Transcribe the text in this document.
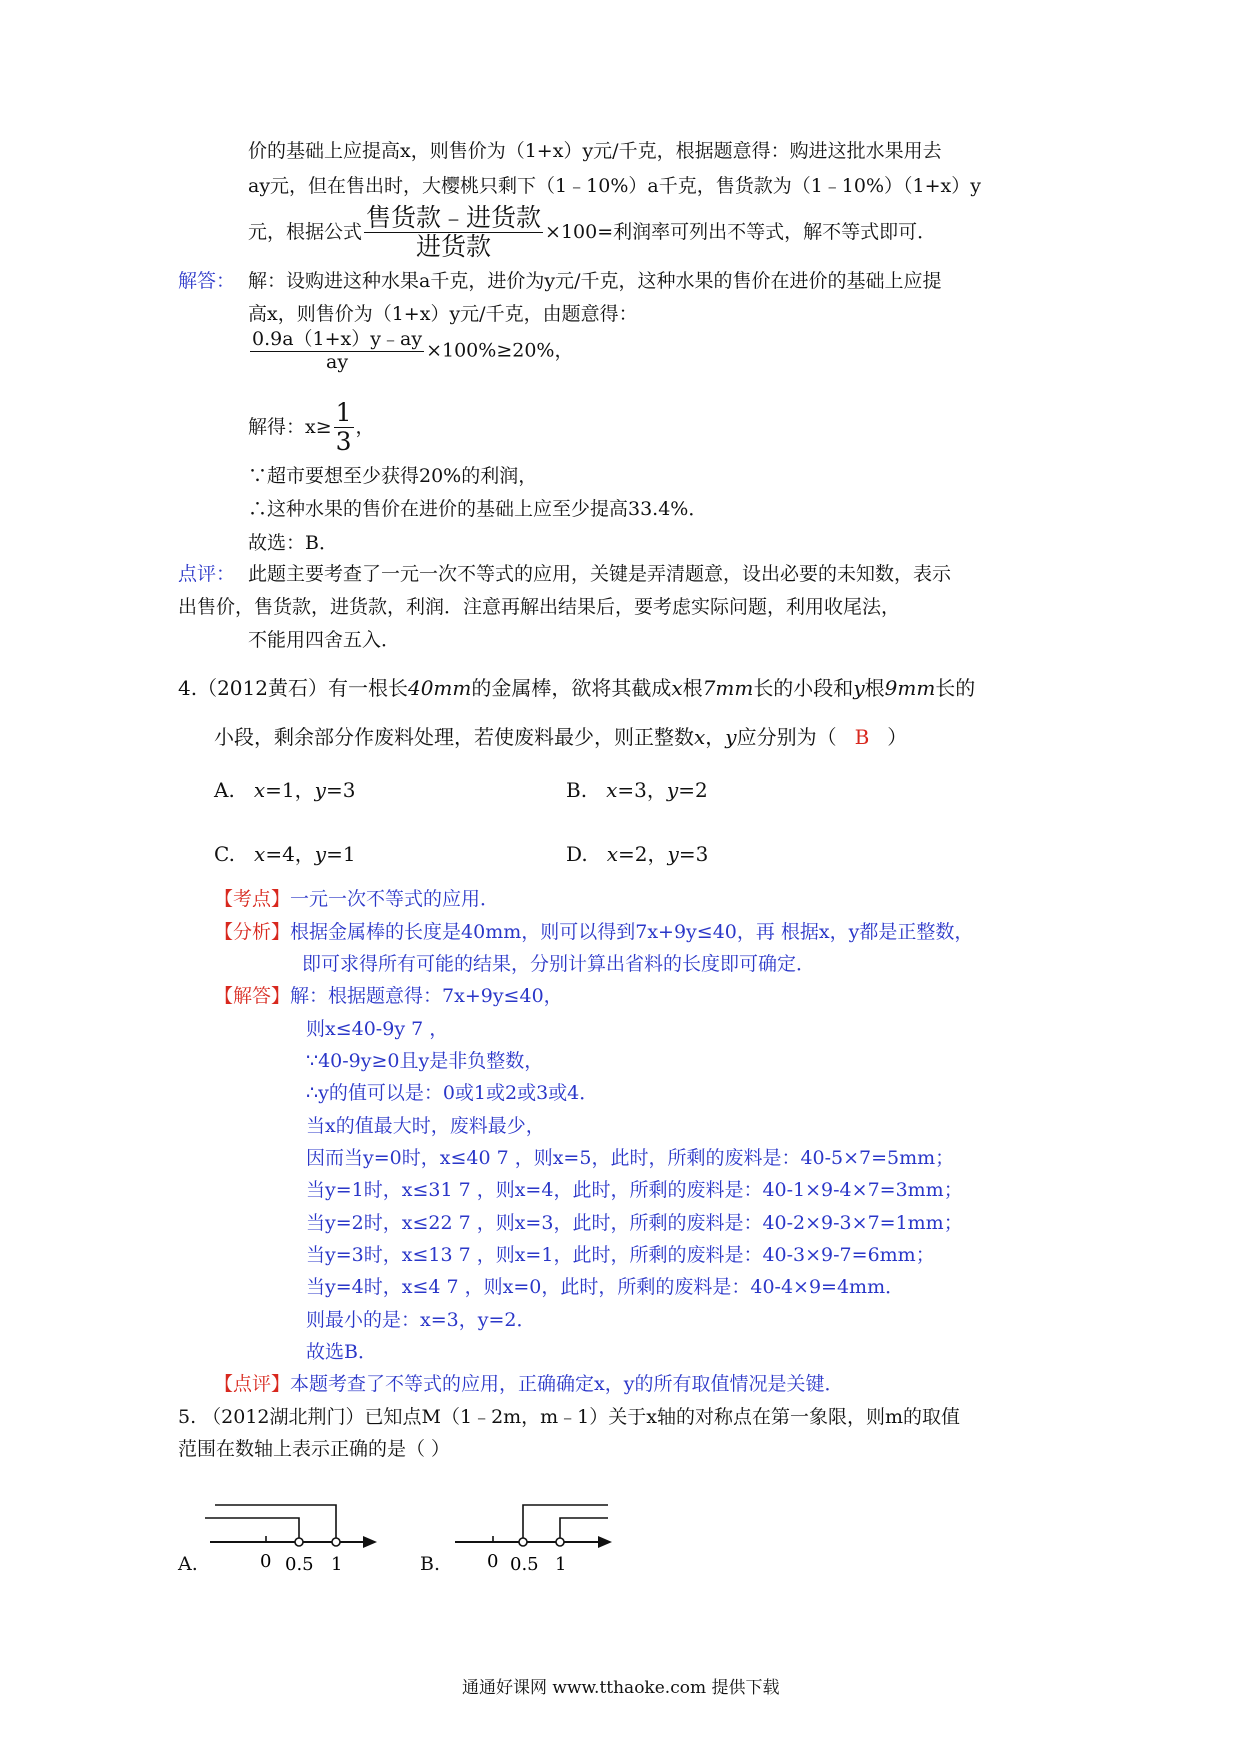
价的基础上应提高x，则售价为（1+x）y元/千克，根据题意得：购进这批水果用去
ay元，但在售出时，大樱桃只剩下（1﹣10%）a千克，售货款为（1﹣10%）（1+x）y
元，根据公式 $\frac{\text{售货款﹣进货款}}{\text{进货款}} \times 100=$利润率可列出不等式，解不等式即可．
解答： 解：设购进这种水果a千克，进价为y元/千克，这种水果的售价在进价的基础上应提
高x，则售价为（1+x）y元/千克，由题意得：
$\frac{0.9a(1+x)y﹣ay}{ay} \times 100\%\ge 20\%$，
解得：$x\ge \frac{1}{3}$ ，
∵超市要想至少获得20%的利润，
∴这种水果的售价在进价的基础上应至少提高33.4%．
故选：B．
点评： 此题主要考查了一元一次不等式的应用，关键是弄清题意，设出必要的未知数，表示
出售价，售货款，进货款，利润．注意再解出结果后，要考虑实际问题，利用收尾法，
不能用四舍五入．
4.（2012黄石）有一根长40mm的金属棒，欲将其截成x根7mm长的小段和y根9mm长的
小段，剩余部分作废料处理，若使废料最少，则正整数x，y应分别为（ B ）
A. x=1，y=3	B. x=3，y=2
C. x=4，y=1	D. x=2，y=3
【考点】一元一次不等式的应用．
【分析】根据金属棒的长度是40mm，则可以得到7x+9y≤40，再 根据x，y都是正整数，
即可求得所有可能的结果，分别计算出省料的长度即可确定．
【解答】解：根据题意得：7x+9y≤40，
则x≤40-9y 7 ，
∵40-9y≥0且y是非负整数，
∴y的值可以是：0或1或2或3或4．
当x的值最大时，废料最少，
因而当y=0时，x≤40 7 ，则x=5，此时，所剩的废料是：40-5×7=5mm；
当y=1时，x≤31 7 ，则x=4，此时，所剩的废料是：40-1×9-4×7=3mm；
当y=2时，x≤22 7 ，则x=3，此时，所剩的废料是：40-2×9-3×7=1mm；
当y=3时，x≤13 7 ，则x=1，此时，所剩的废料是：40-3×9-7=6mm；
当y=4时，x≤4 7 ，则x=0，此时，所剩的废料是：40-4×9=4mm．
则最小的是：x=3，y=2．
故选B．
【点评】本题考查了不等式的应用，正确确定x，y的所有取值情况是关键．
5. （2012湖北荆门）已知点M（1﹣2m，m﹣1）关于x轴的对称点在第一象限，则m的取值
范围在数轴上表示正确的是（ ）
A.	0 0.5 1	B.	0 0.5 1
通通好课网 www.tthaoke.com 提供下载
